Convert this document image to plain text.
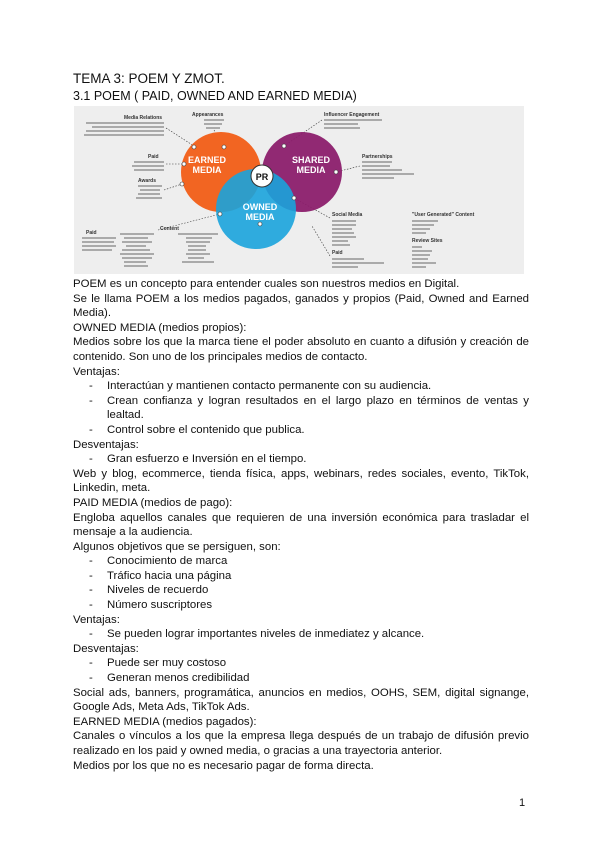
TEMA 3: POEM Y ZMOT.
3.1 POEM ( PAID, OWNED AND EARNED MEDIA)
Media Relations
Paid
Awards
Appearances	Influencer Engagement
Partnerships
Paid
Content
Social Media
Paid
"User Generated" Content
Review Sites
EARNED
MEDIA
SHARED
MEDIA
OWNED
MEDIA
PR

POEM es un concepto para entender cuales son nuestros medios en Digital.

Se le llama POEM a los medios pagados, ganados y propios (Paid, Owned and Earned Media).

OWNED MEDIA (medios propios):

Medios sobre los que la marca tiene el poder absoluto en cuanto a difusión y creación de contenido. Son uno de los principales medios de contacto.

Ventajas:

- Interactúan y mantienen contacto permanente con su audiencia.
- Crean confianza y logran resultados en el largo plazo en términos de ventas y lealtad.
- Control sobre el contenido que publica.

Desventajas:

- Gran esfuerzo e Inversión en el tiempo.

Web y blog, ecommerce, tienda física, apps, webinars, redes sociales, evento, TikTok, Linkedin, meta.

PAID MEDIA (medios de pago):

Engloba aquellos canales que requieren de una inversión económica para trasladar el mensaje a la audiencia.

Algunos objetivos que se persiguen, son:

- Conocimiento de marca
- Tráfico hacia una página
- Niveles de recuerdo
- Número suscriptores

Ventajas:

- Se pueden lograr importantes niveles de inmediatez y alcance.

Desventajas:

- Puede ser muy costoso
- Generan menos credibilidad

Social ads, banners, programática, anuncios en medios, OOHS, SEM, digital signange, Google Ads, Meta Ads, TikTok Ads.

EARNED MEDIA (medios pagados):

Canales o vínculos a los que la empresa llega después de un trabajo de difusión previo realizado en los paid y owned media, o gracias a una trayectoria anterior.

Medios por los que no es necesario pagar de forma directa.

1
